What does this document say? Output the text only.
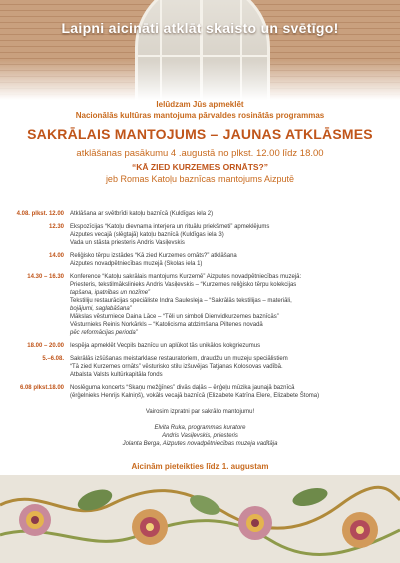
Laipni aicināti atklāt skaisto un svētīgo!
Ielūdzam Jūs apmeklēt
Nacionālās kultūras mantojuma pārvaldes rosinātās programmas
SAKRĀLAIS MANTOJUMS – JAUNAS ATKLĀSMES
atklāšanas pasākumu 4 .augustā no plkst. 12.00 līdz 18.00
“KĀ ZIED KURZEMES ORNĀTS?”
jeb Romas Katoļu baznīcas mantojums Aizputē
4.08. plkst. 12.00	Atklāšana ar svētbrīdi katoļu baznīcā (Kuldīgas iela 2)
12.30	Ekspozīcijas “Katoļu dievnama interjera un rituālu priekšmeti” apmeklējums
Aizputes vecajā (slēgtajā) katoļu baznīcā (Kuldīgas iela 3)
Vada un stāsta priesteris Andris Vasiļevskis
14.00	Reliģisko tērpu izstādes “Kā zied Kurzemes ornāts?” atklāšana
Aizputes novadpētniecības muzejā (Skolas iela 1)
14.30 – 16.30	Konference “Katoļu sakrālais mantojums Kurzemē” Aizputes novadpētniecības muzejā:
Priesteris, tekstilmākslinieks Andris Vasiļevskis – “Kurzemes reliģisko tērpu kolekcijas
tapšana, ipatnības un nozīme”
Tekstiliju restaurācijas speciāliste Indra Saulesleja – “Sakrālās tekstilijas – materiāli,
bojājumi, saglabāšana”
Mākslas vēsturniece Daina Lāce – “Tēli un simboli Dienvidkurzemes baznīcās”
Vēsturnieks Reinis Norkārkls – “Katolicisma atdzimšana Piltenes novadā
pēc reformācijas perioda”
18.00 – 20.00	Iespēja apmeklēt Vecpils baznīcu un aplūkot tās unikālos kokgriezumus
5.–6.08.	Sakrālās izšūšanas meistarklase restauratoriem, draudžu un muzeju speciālistiem
“Tā zied Kurzemes ornāts” vēsturisko stilu izšuvējas Tatjanas Kolosovas vadībā.
Atbalsta Valsts kultūrkapitāla fonds
6.08 plkst.18.00	Noslēguma koncerts “Skaņu mežģīnes” divās daļās – ērģeļu mūzika jaunajā baznīcā
(ērģelnieks Henrijs Kalniņš), vokāls vecajā baznīcā (Elizabete Katrīna Elere, Elizabete Štoma)
Vairosim izpratni par sakrālo mantojumu!
Elvita Ruka, programmas kuratore
Andris Vasiļevskis, priesteris
Jolanta Berga, Aizputes novadpētniecības muzeja vadītāja
Aicinām pieteikties līdz 1. augustam
